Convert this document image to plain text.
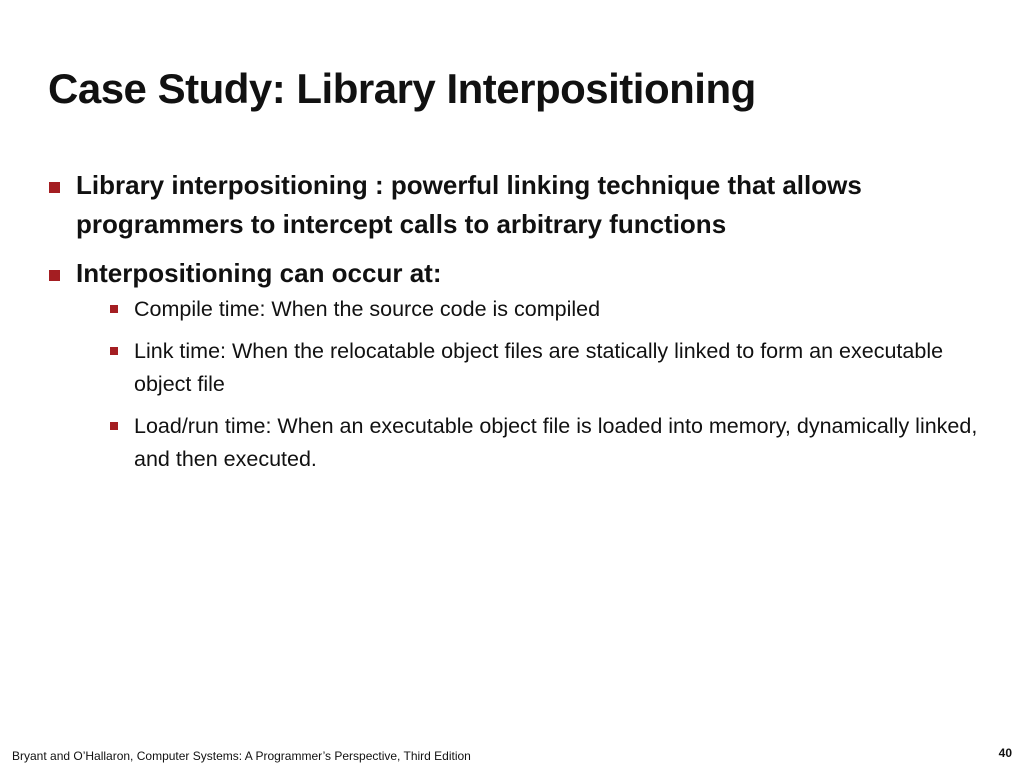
Case Study: Library Interpositioning
Library interpositioning : powerful linking technique that allows programmers to intercept calls to arbitrary functions
Interpositioning can occur at:
Compile time: When the source code is compiled
Link time: When the relocatable object files are statically linked to form an executable object file
Load/run time: When an executable object file is loaded into memory, dynamically linked, and then executed.
Bryant and O’Hallaron, Computer Systems: A Programmer’s Perspective, Third Edition	40
